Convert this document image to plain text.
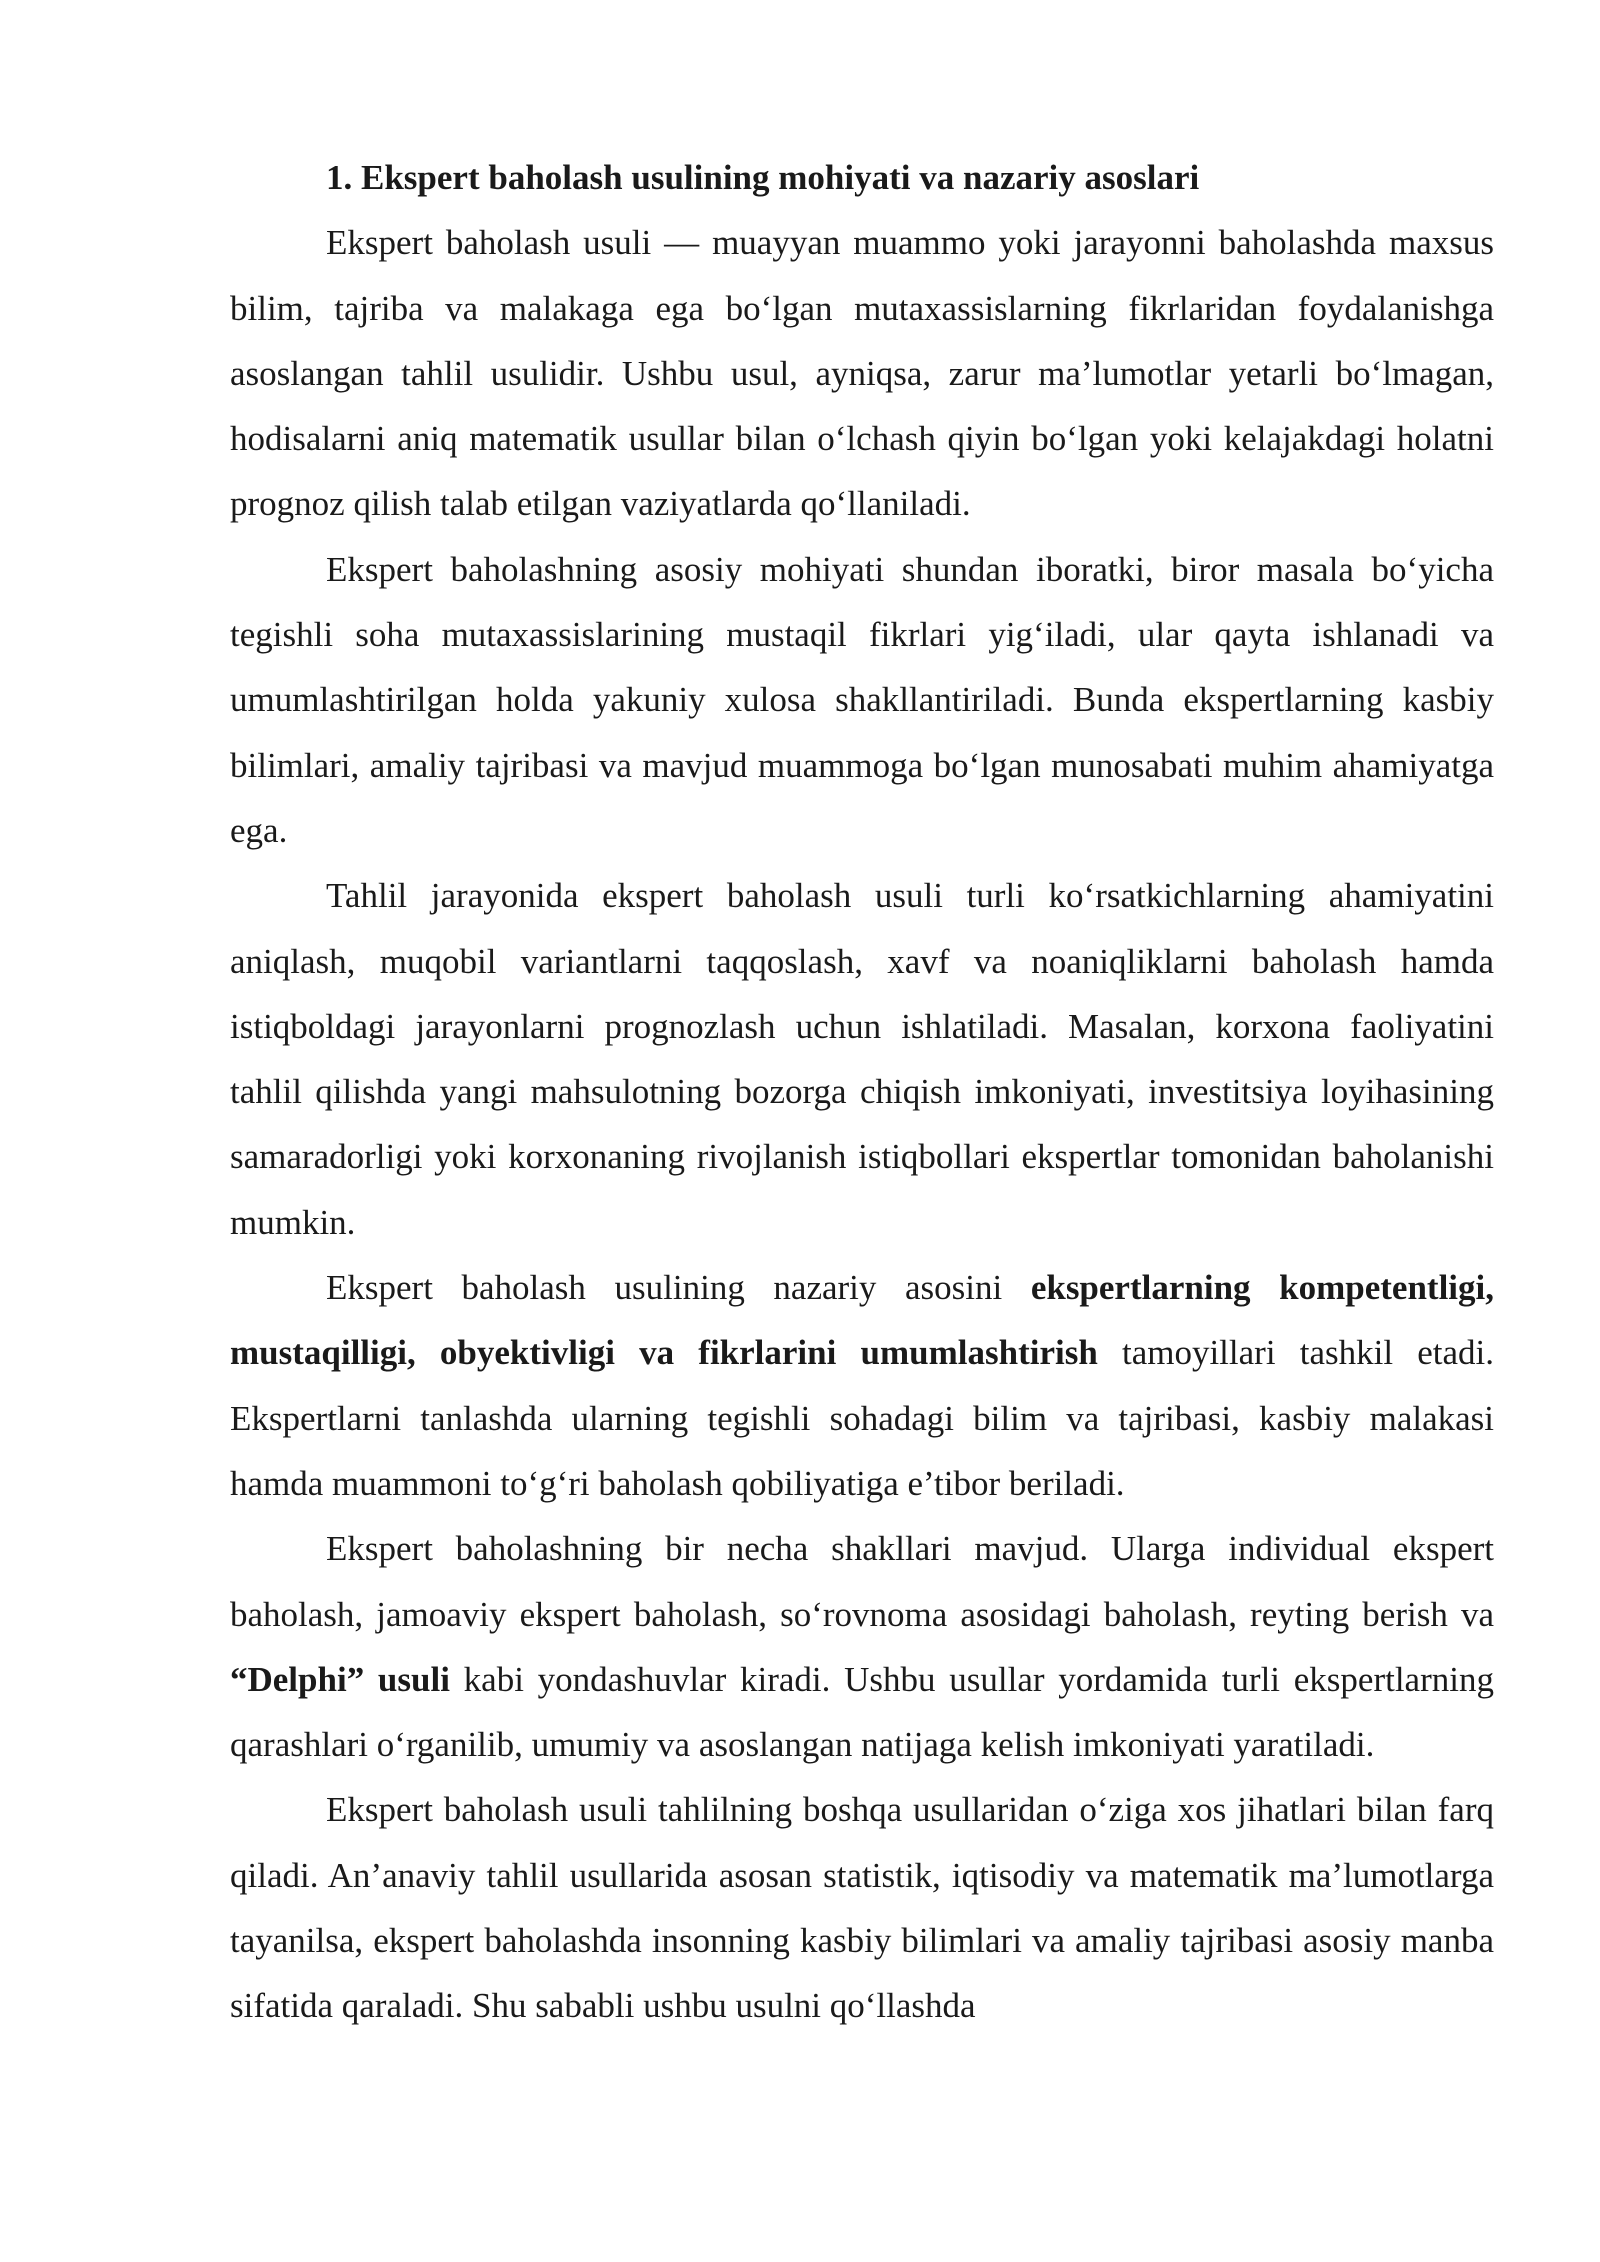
1. Ekspert baholash usulining mohiyati va nazariy asoslari

Ekspert baholash usuli — muayyan muammo yoki jarayonni baholashda maxsus bilim, tajriba va malakaga ega bo‘lgan mutaxassislarning fikrlaridan foydalanishga asoslangan tahlil usulidir. Ushbu usul, ayniqsa, zarur ma’lumotlar yetarli bo‘lmagan, hodisalarni aniq matematik usullar bilan o‘lchash qiyin bo‘lgan yoki kelajakdagi holatni prognoz qilish talab etilgan vaziyatlarda qo‘llaniladi.

Ekspert baholashning asosiy mohiyati shundan iboratki, biror masala bo‘yicha tegishli soha mutaxassislarining mustaqil fikrlari yig‘iladi, ular qayta ishlanadi va umumlashtirilgan holda yakuniy xulosa shakllantiriladi. Bunda ekspertlarning kasbiy bilimlari, amaliy tajribasi va mavjud muammoga bo‘lgan munosabati muhim ahamiyatga ega.

Tahlil jarayonida ekspert baholash usuli turli ko‘rsatkichlarning ahamiyatini aniqlash, muqobil variantlarni taqqoslash, xavf va noaniqliklarni baholash hamda istiqboldagi jarayonlarni prognozlash uchun ishlatiladi. Masalan, korxona faoliyatini tahlil qilishda yangi mahsulotning bozorga chiqish imkoniyati, investitsiya loyihasining samaradorligi yoki korxonaning rivojlanish istiqbollari ekspertlar tomonidan baholanishi mumkin.

Ekspert baholash usulining nazariy asosini ekspertlarning kompetentligi, mustaqilligi, obyektivligi va fikrlarini umumlashtirish tamoyillari tashkil etadi. Ekspertlarni tanlashda ularning tegishli sohadagi bilim va tajribasi, kasbiy malakasi hamda muammoni to‘g‘ri baholash qobiliyatiga e’tibor beriladi.

Ekspert baholashning bir necha shakllari mavjud. Ularga individual ekspert baholash, jamoaviy ekspert baholash, so‘rovnoma asosidagi baholash, reyting berish va “Delphi” usuli kabi yondashuvlar kiradi. Ushbu usullar yordamida turli ekspertlarning qarashlari o‘rganilib, umumiy va asoslangan natijaga kelish imkoniyati yaratiladi.

Ekspert baholash usuli tahlilning boshqa usullaridan o‘ziga xos jihatlari bilan farq qiladi. An’anaviy tahlil usullarida asosan statistik, iqtisodiy va matematik ma’lumotlarga tayanilsa, ekspert baholashda insonning kasbiy bilimlari va amaliy tajribasi asosiy manba sifatida qaraladi. Shu sababli ushbu usulni qo‘llashda
